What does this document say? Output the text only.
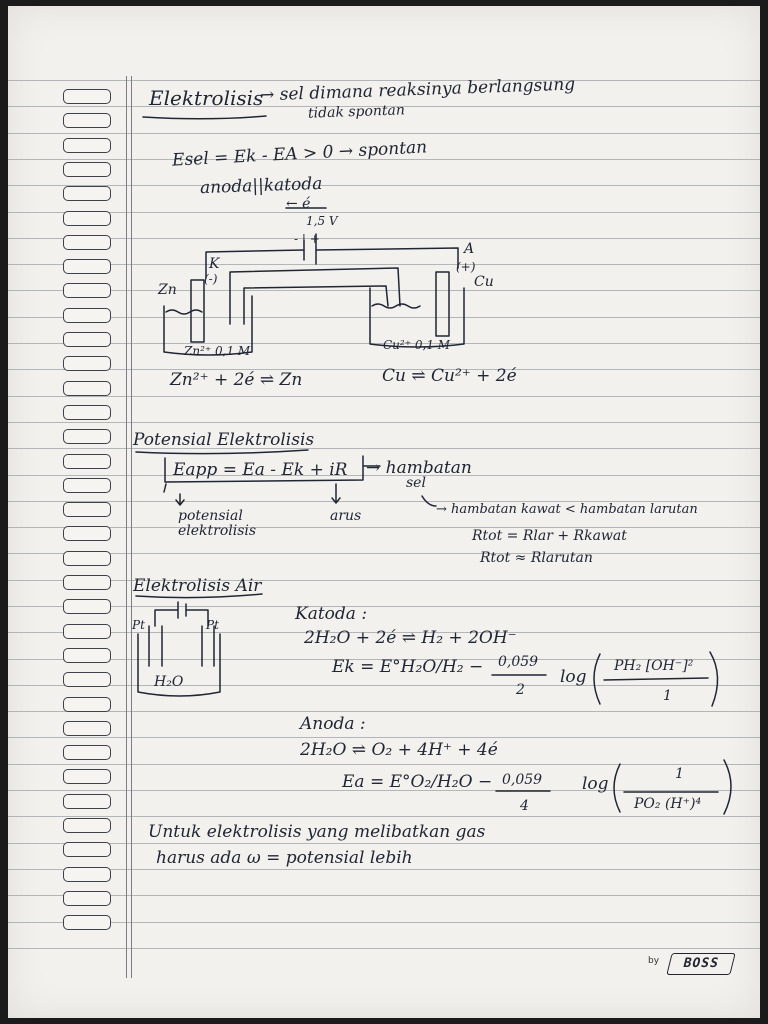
Elektrolisis
→ sel dimana reaksinya berlangsung
tidak spontan
Esel = Ek - EA > 0 → spontan
anoda||katoda
← é
1,5 V
- | +
K
(-)
A
(+)
Zn	Cu
Zn²⁺ 0,1 M	Cu²⁺ 0,1 M
Zn²⁺ + 2é ⇌ Zn	Cu ⇌ Cu²⁺ + 2é
Potensial Elektrolisis
Eapp = Ea - Ek + iR → hambatan
sel
potensial
elektrolisis
arus	→ hambatan kawat < hambatan larutan
Rtot = Rlar + Rkawat
Rtot ≈ Rlarutan
Elektrolisis Air
Pt	Pt
H₂O
Katoda :
2H₂O + 2é ⇌ H₂ + 2OH⁻
Ek = E°H₂O/H₂ − 0,059
2
log
PH₂ [OH⁻]²
1
Anoda :
2H₂O ⇌ O₂ + 4H⁺ + 4é
Ea = E°O₂/H₂O − 0,059
4
log	1
PO₂ (H⁺)⁴
Untuk elektrolisis yang melibatkan gas
harus ada ω = potensial lebih
by	BOSS
